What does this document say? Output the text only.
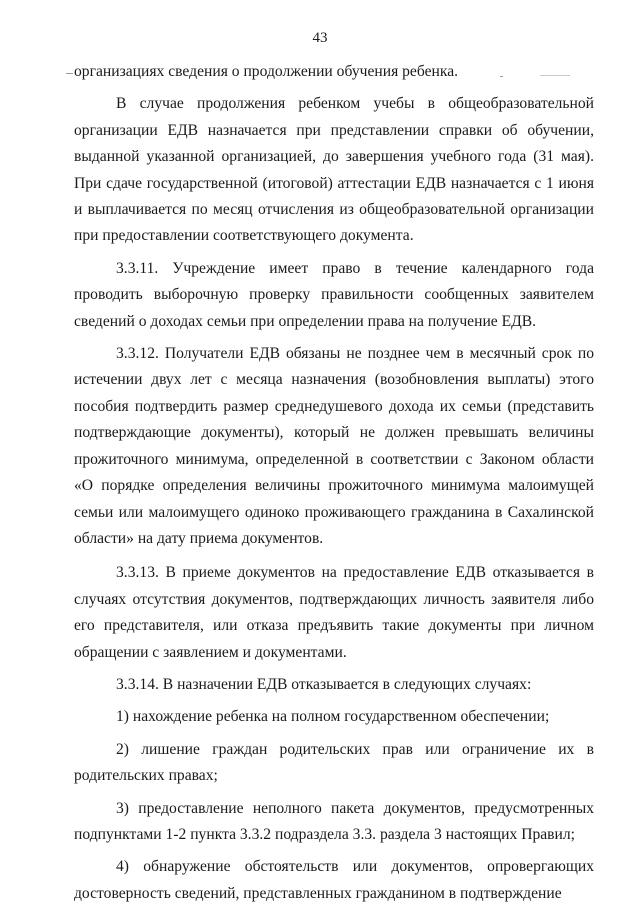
43

организациях сведения о продолжении обучения ребенка.

В случае продолжения ребенком учебы в общеобразовательной организации ЕДВ назначается при представлении справки об обучении, выданной указанной организацией, до завершения учебного года (31 мая). При сдаче государственной (итоговой) аттестации ЕДВ назначается с 1 июня и выплачивается по месяц отчисления из общеобразовательной организации при предоставлении соответствующего документа.

3.3.11. Учреждение имеет право в течение календарного года проводить выборочную проверку правильности сообщенных заявителем сведений о доходах семьи при определении права на получение ЕДВ.

3.3.12. Получатели ЕДВ обязаны не позднее чем в месячный срок по истечении двух лет с месяца назначения (возобновления выплаты) этого пособия подтвердить размер среднедушевого дохода их семьи (представить подтверждающие документы), который не должен превышать величины прожиточного минимума, определенной в соответствии с Законом области «О порядке определения величины прожиточного минимума малоимущей семьи или малоимущего одиноко проживающего гражданина в Сахалинской области» на дату приема документов.

3.3.13. В приеме документов на предоставление ЕДВ отказывается в случаях отсутствия документов, подтверждающих личность заявителя либо его представителя, или отказа предъявить такие документы при личном обращении с заявлением и документами.

3.3.14. В назначении ЕДВ отказывается в следующих случаях:

1) нахождение ребенка на полном государственном обеспечении;

2) лишение граждан родительских прав или ограничение их в родительских правах;

3) предоставление неполного пакета документов, предусмотренных подпунктами 1-2 пункта 3.3.2 подраздела 3.3. раздела 3 настоящих Правил;

4) обнаружение обстоятельств или документов, опровергающих достоверность сведений, представленных гражданином в подтверждение
